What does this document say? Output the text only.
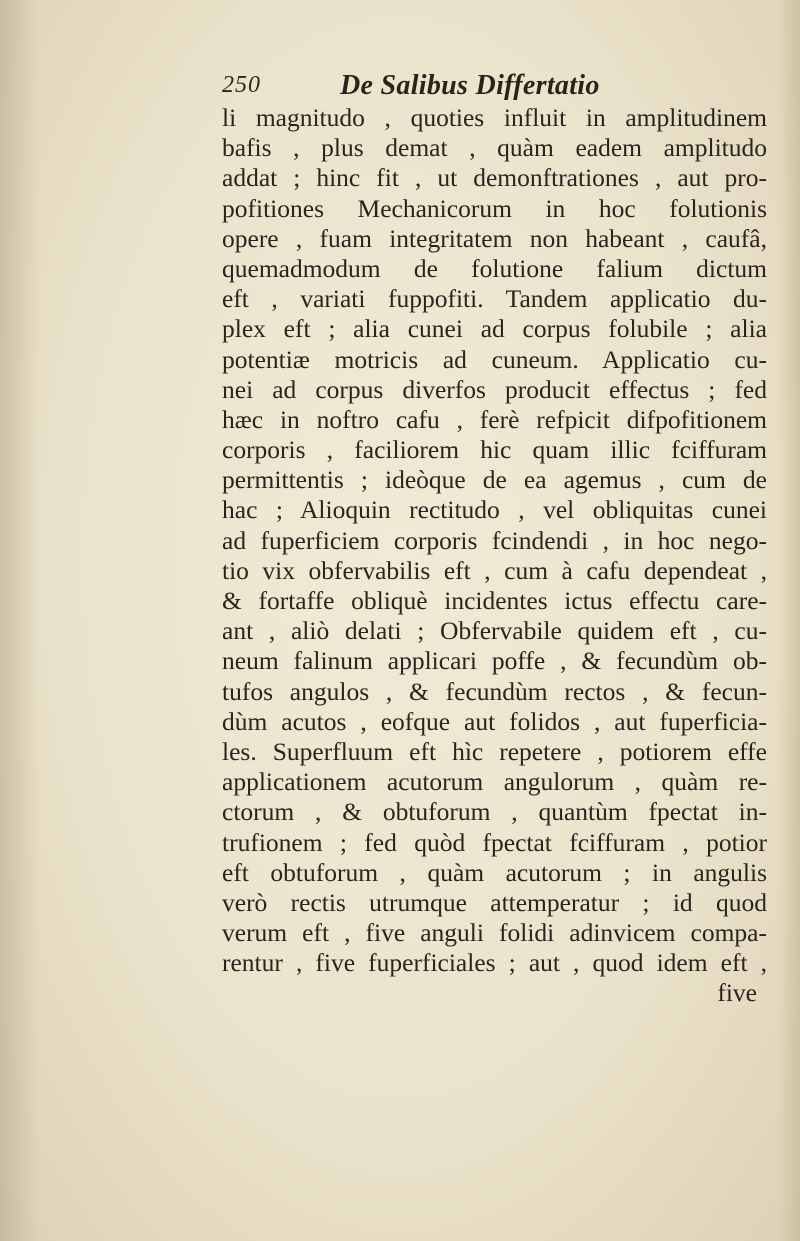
250	De Salibus Differtatio
li magnitudo , quoties influit in amplitudinem
bafis , plus demat , quàm eadem amplitudo
addat ; hinc fit , ut demonftrationes , aut pro-
pofitiones Mechanicorum in hoc folutionis
opere , fuam integritatem non habeant , caufâ,
quemadmodum de folutione falium dictum
eft , variati fuppofiti. Tandem applicatio du-
plex eft ; alia cunei ad corpus folubile ; alia
potentiæ motricis ad cuneum. Applicatio cu-
nei ad corpus diverfos producit effectus ; fed
hæc in noftro cafu , ferè refpicit difpofitionem
corporis , faciliorem hic quam illic fciffuram
permittentis ; ideòque de ea agemus , cum de
hac ; Alioquin rectitudo , vel obliquitas cunei
ad fuperficiem corporis fcindendi , in hoc nego-
tio vix obfervabilis eft , cum à cafu dependeat ,
& fortaffe obliquè incidentes ictus effectu care-
ant , aliò delati ; Obfervabile quidem eft , cu-
neum falinum applicari poffe , & fecundùm ob-
tufos angulos , & fecundùm rectos , & fecun-
dùm acutos , eofque aut folidos , aut fuperficia-
les. Superfluum eft hìc repetere , potiorem effe
applicationem acutorum angulorum , quàm re-
ctorum , & obtuforum , quantùm fpectat in-
trufionem ; fed quòd fpectat fciffuram , potior
eft obtuforum , quàm acutorum ; in angulis
verò rectis utrumque attemperatur ; id quod
verum eft , five anguli folidi adinvicem compa-
rentur , five fuperficiales ; aut , quod idem eft ,
five
